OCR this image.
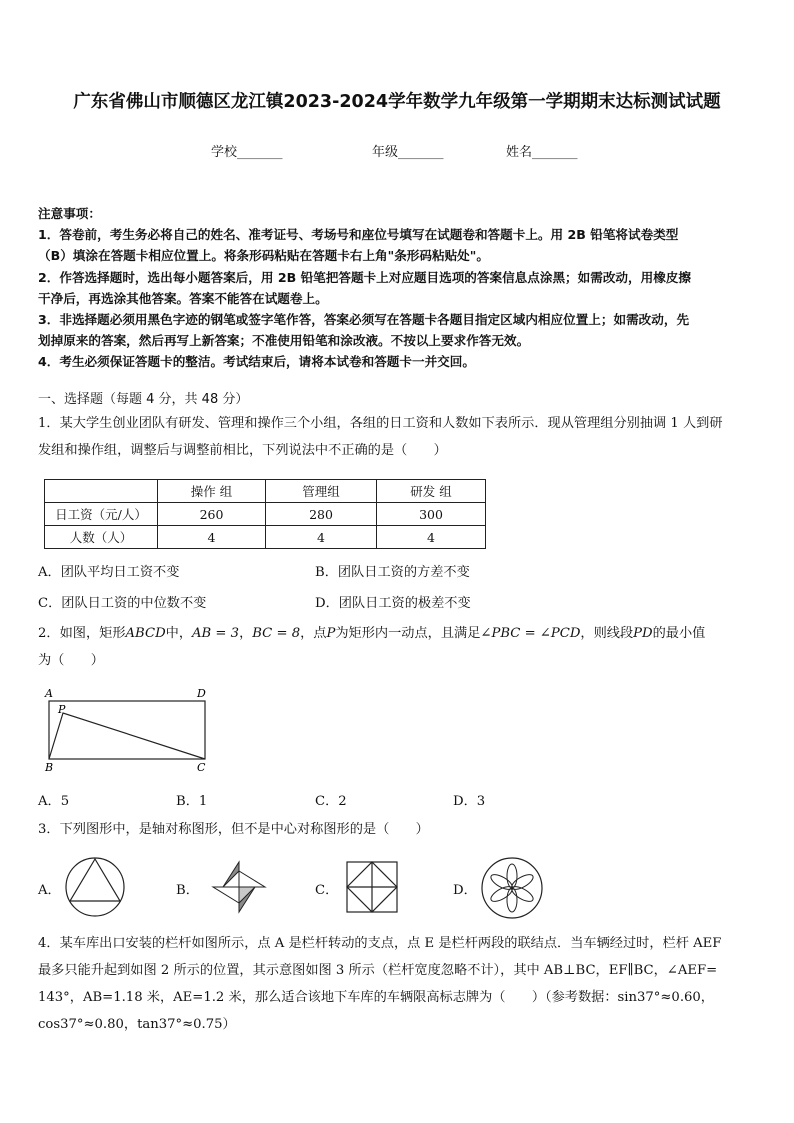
广东省佛山市顺德区龙江镇2023-2024学年数学九年级第一学期期末达标测试试题
学校_______	年级_______	姓名_______

注意事项：

1．答卷前，考生务必将自己的姓名、准考证号、考场号和座位号填写在试题卷和答题卡上。用 2B 铅笔将试卷类型

（B）填涂在答题卡相应位置上。将条形码粘贴在答题卡右上角"条形码粘贴处"。

2．作答选择题时，选出每小题答案后，用 2B 铅笔把答题卡上对应题目选项的答案信息点涂黑；如需改动，用橡皮擦

干净后，再选涂其他答案。答案不能答在试题卷上。

3．非选择题必须用黑色字迹的钢笔或签字笔作答，答案必须写在答题卡各题目指定区域内相应位置上；如需改动，先

划掉原来的答案，然后再写上新答案；不准使用铅笔和涂改液。不按以上要求作答无效。

4．考生必须保证答题卡的整洁。考试结束后，请将本试卷和答题卡一并交回。

一、选择题（每题 4 分，共 48 分）

1．某大学生创业团队有研发、管理和操作三个小组，各组的日工资和人数如下表所示．现从管理组分别抽调 1 人到研

发组和操作组，调整后与调整前相比，下列说法中不正确的是（　　）

	操作 组	管理组	研发 组
日工资（元/人）	260	280	300
人数（人）	4	4	4
A．团队平均日工资不变	B．团队日工资的方差不变
C．团队日工资的中位数不变	D．团队日工资的极差不变

2．如图，矩形ABCD中，AB = 3，BC = 8，点P为矩形内一动点，且满足∠PBC = ∠PCD，则线段PD的最小值

为（　　）

A	D
P
B	C
A．5	B．1	C．2	D．3

3．下列图形中，是轴对称图形，但不是中心对称图形的是（　　）

A．	B．	C．	D．

4．某车库出口安装的栏杆如图所示，点 A 是栏杆转动的支点，点 E 是栏杆两段的联结点．当车辆经过时，栏杆 AEF

最多只能升起到如图 2 所示的位置，其示意图如图 3 所示（栏杆宽度忽略不计），其中 AB⊥BC，EF∥BC，∠AEF=

143°，AB=1.18 米，AE=1.2 米，那么适合该地下车库的车辆限高标志牌为（　　）（参考数据：sin37°≈0.60，

cos37°≈0.80，tan37°≈0.75）
